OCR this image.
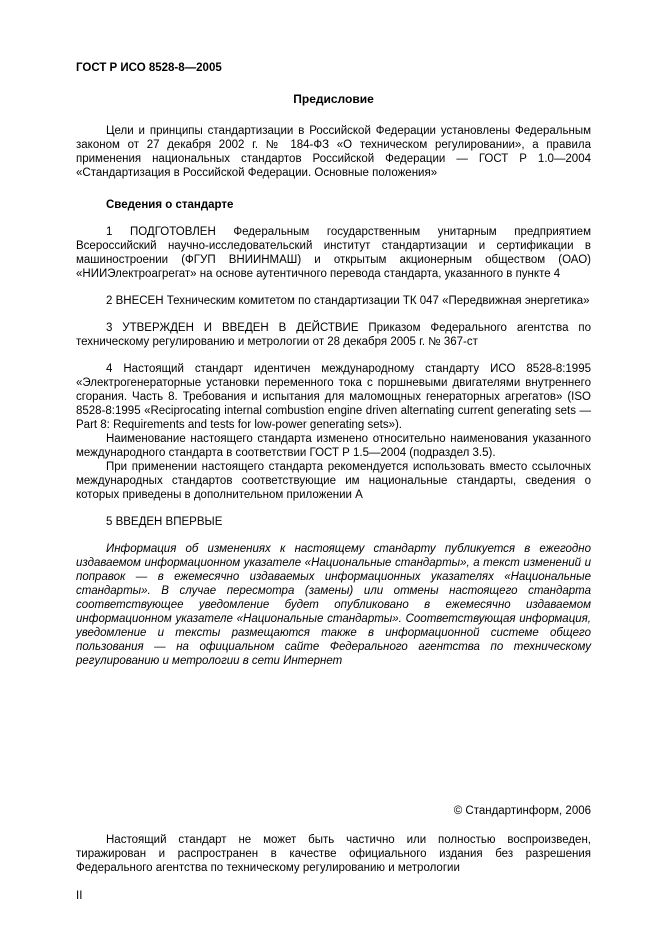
ГОСТ Р ИСО 8528-8—2005

Предисловие

Цели и принципы стандартизации в Российской Федерации установлены Федеральным законом от 27 декабря 2002 г. № 184-ФЗ «О техническом регулировании», а правила применения национальных стандартов Российской Федерации — ГОСТ Р 1.0—2004 «Стандартизация в Российской Федерации. Основные положения»

Сведения о стандарте

1 ПОДГОТОВЛЕН Федеральным государственным унитарным предприятием Всероссийский научно-исследовательский институт стандартизации и сертификации в машиностроении (ФГУП ВНИИНМАШ) и открытым акционерным обществом (ОАО) «НИИЭлектроагрегат» на основе аутентичного перевода стандарта, указанного в пункте 4

2 ВНЕСЕН Техническим комитетом по стандартизации ТК 047 «Передвижная энергетика»

3 УТВЕРЖДЕН И ВВЕДЕН В ДЕЙСТВИЕ Приказом Федерального агентства по техническому регулированию и метрологии от 28 декабря 2005 г. № 367-ст

4 Настоящий стандарт идентичен международному стандарту ИСО 8528-8:1995 «Электрогенераторные установки переменного тока с поршневыми двигателями внутреннего сгорания. Часть 8. Требования и испытания для маломощных генераторных агрегатов» (ISO 8528-8:1995 «Reciprocating internal combustion engine driven alternating current generating sets — Part 8: Requirements and tests for low-power generating sets»).

Наименование настоящего стандарта изменено относительно наименования указанного международного стандарта в соответствии ГОСТ Р 1.5—2004 (подраздел 3.5).

При применении настоящего стандарта рекомендуется использовать вместо ссылочных международных стандартов соответствующие им национальные стандарты, сведения о которых приведены в дополнительном приложении А

5 ВВЕДЕН ВПЕРВЫЕ

Информация об изменениях к настоящему стандарту публикуется в ежегодно издаваемом информационном указателе «Национальные стандарты», а текст изменений и поправок — в ежемесячно издаваемых информационных указателях «Национальные стандарты». В случае пересмотра (замены) или отмены настоящего стандарта соответствующее уведомление будет опубликовано в ежемесячно издаваемом информационном указателе «Национальные стандарты». Соответствующая информация, уведомление и тексты размещаются также в информационной системе общего пользования — на официальном сайте Федерального агентства по техническому регулированию и метрологии в сети Интернет

© Стандартинформ, 2006

Настоящий стандарт не может быть частично или полностью воспроизведен, тиражирован и распространен в качестве официального издания без разрешения Федерального агентства по техническому регулированию и метрологии

II
